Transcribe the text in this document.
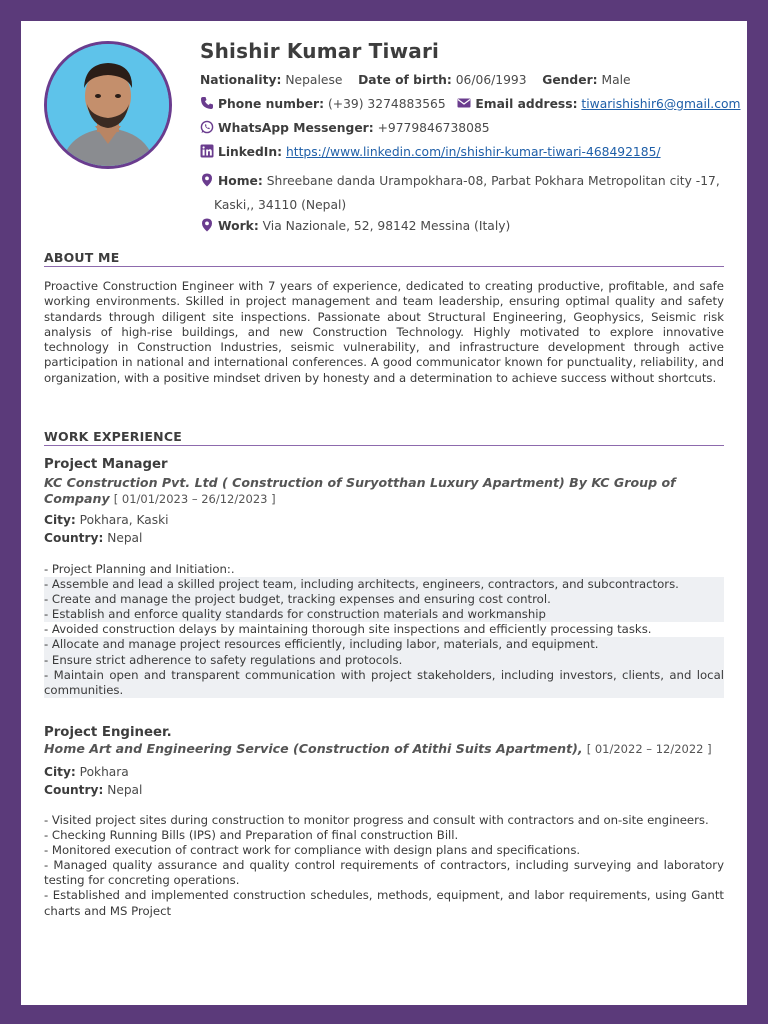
Shishir Kumar Tiwari
Nationality: Nepalese Date of birth: 06/06/1993 Gender: Male
Phone number: (+39) 3274883565 Email address: tiwarishishir6@gmail.com
WhatsApp Messenger: +9779846738085
LinkedIn: https://www.linkedin.com/in/shishir-kumar-tiwari-468492185/
Home: Shreebane danda Urampokhara-08, Parbat Pokhara Metropolitan city -17,
Kaski,, 34110 (Nepal)
Work: Via Nazionale, 52, 98142 Messina (Italy)
ABOUT ME
Proactive Construction Engineer with 7 years of experience, dedicated to creating productive, profitable, and safe working environments. Skilled in project management and team leadership, ensuring optimal quality and safety standards through diligent site inspections. Passionate about Structural Engineering, Geophysics, Seismic risk analysis of high-rise buildings, and new Construction Technology. Highly motivated to explore innovative technology in Construction Industries, seismic vulnerability, and infrastructure development through active participation in national and international conferences. A good communicator known for punctuality, reliability, and organization, with a positive mindset driven by honesty and a determination to achieve success without shortcuts.
WORK EXPERIENCE
Project Manager
KC Construction Pvt. Ltd ( Construction of Suryotthan Luxury Apartment) By KC Group of Company [ 01/01/2023 – 26/12/2023 ]
City: Pokhara, Kaski
Country: Nepal
- Project Planning and Initiation:.
- Assemble and lead a skilled project team, including architects, engineers, contractors, and subcontractors.
- Create and manage the project budget, tracking expenses and ensuring cost control.
- Establish and enforce quality standards for construction materials and workmanship
- Avoided construction delays by maintaining thorough site inspections and efficiently processing tasks.
- Allocate and manage project resources efficiently, including labor, materials, and equipment.
- Ensure strict adherence to safety regulations and protocols.
- Maintain open and transparent communication with project stakeholders, including investors, clients, and local communities.
Project Engineer.
Home Art and Engineering Service (Construction of Atithi Suits Apartment), [ 01/2022 – 12/2022 ]
City: Pokhara
Country: Nepal
- Visited project sites during construction to monitor progress and consult with contractors and on-site engineers.
- Checking Running Bills (IPS) and Preparation of final construction Bill.
- Monitored execution of contract work for compliance with design plans and specifications.
- Managed quality assurance and quality control requirements of contractors, including surveying and laboratory testing for concreting operations.
- Established and implemented construction schedules, methods, equipment, and labor requirements, using Gantt charts and MS Project
